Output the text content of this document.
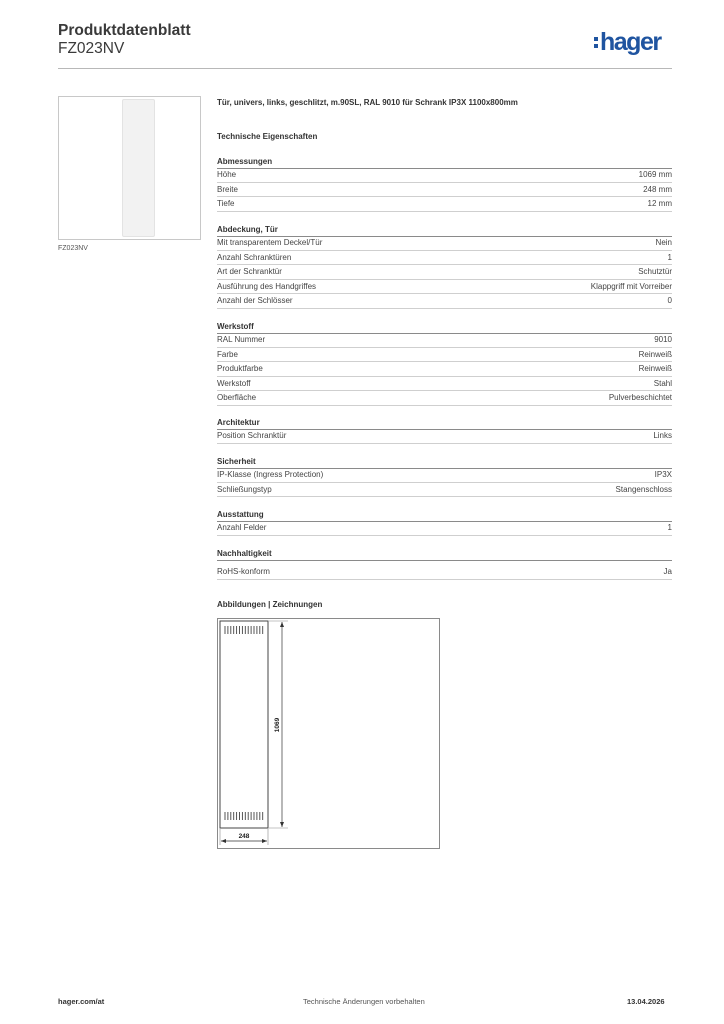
Produktdatenblatt
FZ023NV	hager
FZ023NV
Tür, univers, links, geschlitzt, m.90SL, RAL 9010 für Schrank IP3X 1100x800mm
Technische Eigenschaften
Abmessungen
Höhe	1069 mm
Breite	248 mm
Tiefe	12 mm
Abdeckung, Tür
Mit transparentem Deckel/Tür	Nein
Anzahl Schranktüren	1
Art der Schranktür	Schutztür
Ausführung des Handgriffes	Klappgriff mit Vorreiber
Anzahl der Schlösser	0
Werkstoff
RAL Nummer	9010
Farbe	Reinweiß
Produktfarbe	Reinweiß
Werkstoff	Stahl
Oberfläche	Pulverbeschichtet
Architektur
Position Schranktür	Links
Sicherheit
IP-Klasse (Ingress Protection)	IP3X
Schließungstyp	Stangenschloss
Ausstattung
Anzahl Felder	1
Nachhaltigkeit
RoHS-konform	Ja
Abbildungen | Zeichnungen
1069
248
hager.com/at	Technische Änderungen vorbehalten	13.04.2026
